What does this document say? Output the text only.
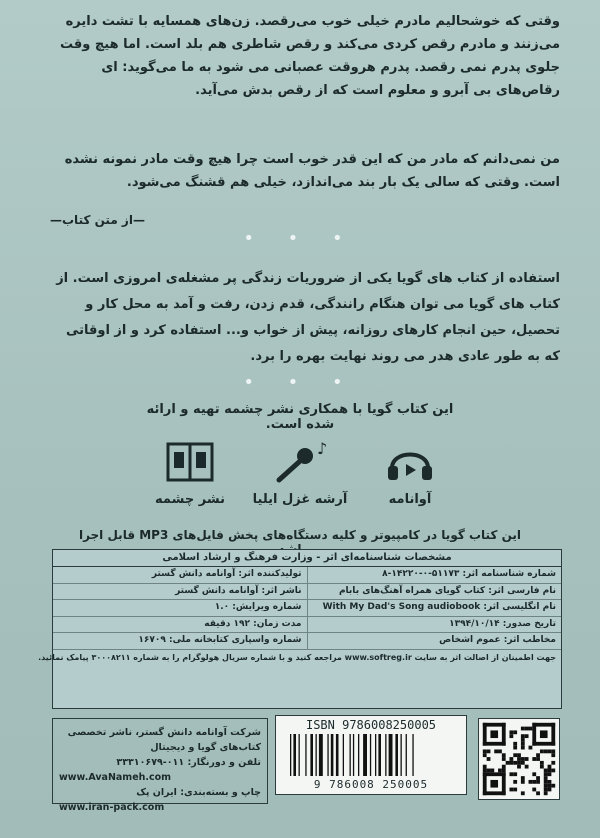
وقتی که خوشحالیم مادرم خیلی خوب می‌رقصد. زن‌های همسایه با تشت دایره می‌زنند و مادرم رقص کردی می‌کند و رقص شاطری هم بلد است. اما هیچ وقت جلوی پدرم نمی رقصد. پدرم هروقت عصبانی می شود به ما می‌گوید: ای رقاص‌های بی آبرو و معلوم است که از رقص بدش می‌آید.
من نمی‌دانم که مادر من که این قدر خوب است چرا هیچ وقت مادر نمونه نشده است. وقتی که سالی یک بار بند می‌اندازد، خیلی هم قشنگ می‌شود.
—از متن کتاب—
• • •
استفاده از کتاب های گویا یکی از ضروریات زندگی پر مشغله‌ی امروزی است. از کتاب های گویا می توان هنگام رانندگی، قدم زدن، رفت و آمد به محل کار و تحصیل، حین انجام کارهای روزانه، پیش از خواب و... استفاده کرد و از اوقاتی که به طور عادی هدر می روند نهایت بهره را برد.
• • •
این کتاب گویا با همکاری نشر چشمه تهیه و ارائه شده است.
نشر چشمه
♪
آرشه غزل ایلیا	آوانامه
این کتاب گویا در کامپیوتر و کلیه دستگاه‌های پخش فایل‌های MP3 قابل اجرا
مشخصات شناسنامه‌ای اثر - وزارت فرهنگ و ارشاد اسلامی
شماره شناسنامه اثر: ۵۱۱۷۳-۰-۱۴۲۲۰-۸
تولیدکننده اثر: آوانامه دانش گستر
نام فارسی اثر: کتاب گویای همراه آهنگ‌های بابام
ناشر اثر: آوانامه دانش گستر
نام انگلیسی اثر: With My Dad's Song audiobook
شماره ویرایش: ۱.۰
تاریخ صدور: ۱۳۹۴/۱۰/۱۴
مدت زمان: ۱۹۲ دقیقه
مخاطب اثر: عموم اشخاص
شماره واسپاری کتابخانه ملی: ۱۶۷۰۹
جهت اطمینان از اصالت اثر به سایت www.softreg.ir مراجعه کنید و با شماره سریال هولوگرام را به شماره ۳۰۰۰۸۲۱۱ پیامک نمائید.
شرکت آوانامه دانش گستر، ناشر تخصصی کتاب‌های گویا و دیجیتال
تلفن و دورنگار: ۰۱۱-۳۳۳۱۰۶۷۹
www.AvaNameh.com
چاپ و بسته‌بندی: ایران پک
www.iran-pack.com
ISBN 9786008250005
9 786008 250005
